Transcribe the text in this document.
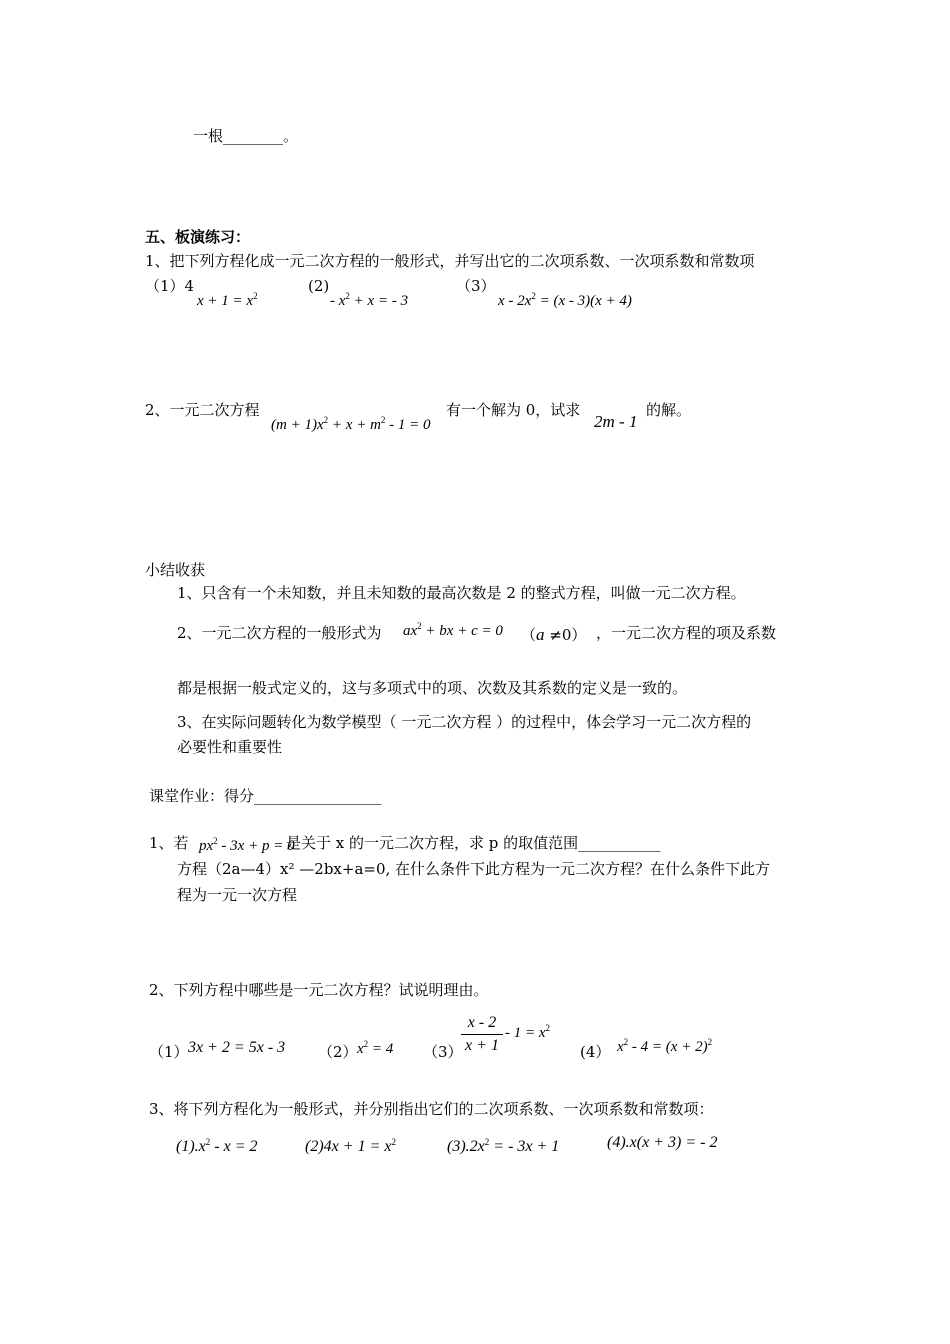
一根________。
五、板演练习：
1、把下列方程化成一元二次方程的一般形式，并写出它的二次项系数、一次项系数和常数项
（1）4
$x + 1 = x^2$
(2)
- $x^2 + x$ = - 3
（3）
$x - 2x^2 = (x - 3)(x + 4)$
2、一元二次方程
$(m + 1)x^2 + x + m^2 - 1 = 0$
有一个解为 0，试求
2m - 1
的解。
小结收获
1、只含有一个未知数，并且未知数的最高次数是 2 的整式方程，叫做一元二次方程。
2、一元二次方程的一般形式为 $ax^2$ + bx + c = 0 （a ≠0） ，一元二次方程的项及系数
都是根据一般式定义的，这与多项式中的项、次数及其系数的定义是一致的。
3、在实际问题转化为数学模型（ 一元二次方程 ）的过程中，体会学习一元二次方程的
必要性和重要性
课堂作业：得分_________________
1、若 $px^2 - 3x + p = 0$
是关于 x 的一元二次方程，求 p 的取值范围___________
方程（2a—4）x² —2bx+a=0, 在什么条件下此方程为一元二次方程？在什么条件下此方
程为一元一次方程
2、下列方程中哪些是一元二次方程？试说明理由。
（1） 3x + 2 = 5x - 3 （2） $x^2 = 4$ （3）
$\frac{x - 2}{x + 1} - 1 = x^2$
(4） $x^2 - 4 = (x + 2)^2$
3、将下列方程化为一般形式，并分别指出它们的二次项系数、一次项系数和常数项：
$(1).x^2 - x = 2$	$(2)4x + 1 = x^2$	$(3).2x^2$ = - 3x + 1	(4).x(x + 3) = - 2
